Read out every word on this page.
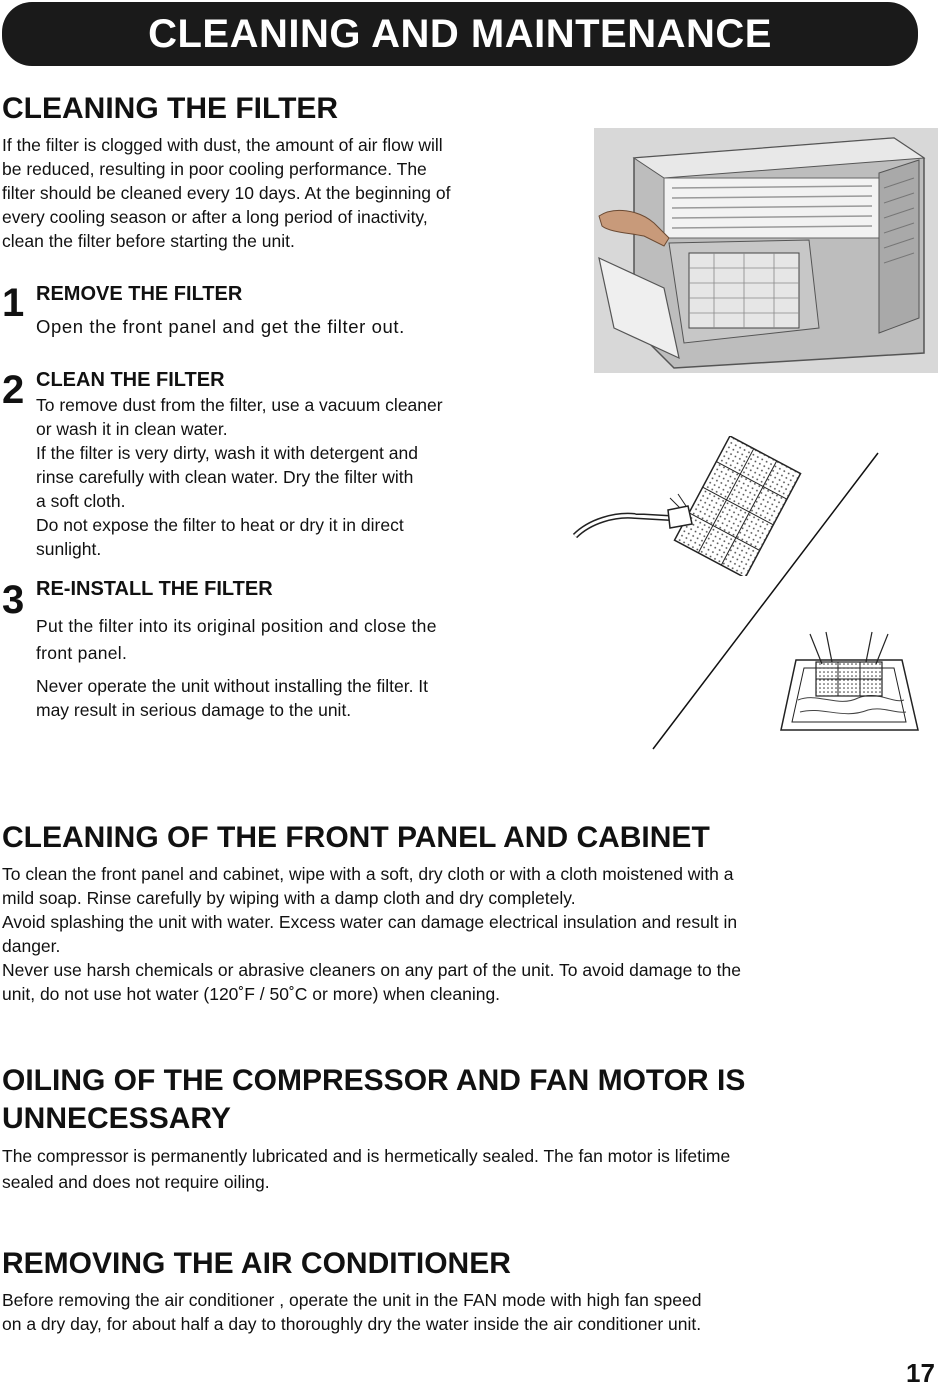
CLEANING AND MAINTENANCE
CLEANING THE FILTER
If the filter is clogged with dust, the amount of air flow will
be reduced, resulting in poor cooling performance. The
filter should be cleaned every 10 days. At the beginning of
every cooling season or after a long period of inactivity,
clean the filter before starting the unit.
1 REMOVE THE FILTER
Open the front panel and get the filter out.
2 CLEAN THE FILTER
To remove dust from the filter, use a vacuum cleaner
or wash it in clean water.
If the filter is very dirty, wash it with detergent and
rinse carefully with clean water. Dry the filter with
a soft cloth.
Do not expose the filter to heat or dry it in direct
sunlight.
3 RE-INSTALL THE FILTER
Put the filter into its original position and close the
front panel.
Never operate the unit without installing the filter. It
may result in serious damage to the unit.
CLEANING OF THE FRONT PANEL AND CABINET
To clean the front panel and cabinet, wipe with a soft, dry cloth or with a cloth moistened with a
mild soap. Rinse carefully by wiping with a damp cloth and dry completely.
Avoid splashing the unit with water. Excess water can damage electrical insulation and result in
danger.
Never use harsh chemicals or abrasive cleaners on any part of the unit. To avoid damage to the
unit, do not use hot water (120˚F / 50˚C or more) when cleaning.
OILING OF THE COMPRESSOR AND FAN MOTOR IS
UNNECESSARY
The compressor is permanently lubricated and is hermetically sealed. The fan motor is lifetime
sealed and does not require oiling.
REMOVING THE AIR CONDITIONER
Before removing the air conditioner , operate the unit in the FAN mode with high fan speed
on a dry day, for about half a day to thoroughly dry the water inside the air conditioner unit.
17
